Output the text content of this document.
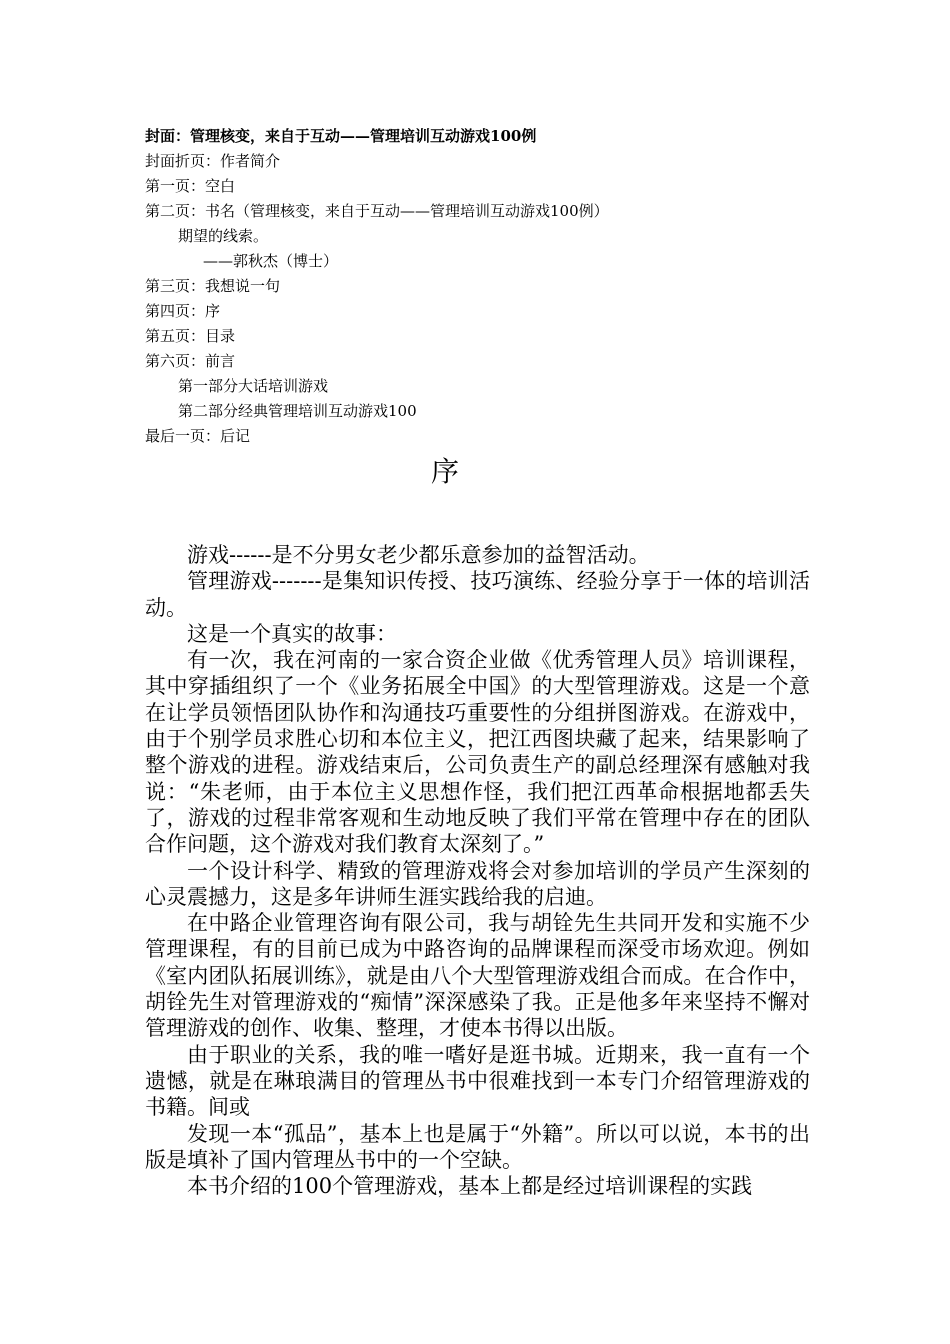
封面：管理核变，来自于互动——管理培训互动游戏100例
封面折页：作者简介
第一页：空白
第二页：书名（管理核变，来自于互动——管理培训互动游戏100例）
期望的线索。
——郭秋杰（博士）
第三页：我想说一句
第四页：序
第五页：目录
第六页：前言
第一部分大话培训游戏
第二部分经典管理培训互动游戏100
最后一页：后记
序

游戏------是不分男女老少都乐意参加的益智活动。

管理游戏-------是集知识传授、技巧演练、经验分享于一体的培训活动。

这是一个真实的故事：

有一次，我在河南的一家合资企业做《优秀管理人员》培训课程，其中穿插组织了一个《业务拓展全中国》的大型管理游戏。这是一个意在让学员领悟团队协作和沟通技巧重要性的分组拼图游戏。在游戏中，由于个别学员求胜心切和本位主义，把江西图块藏了起来，结果影响了整个游戏的进程。游戏结束后，公司负责生产的副总经理深有感触对我说：“朱老师，由于本位主义思想作怪，我们把江西革命根据地都丢失了，游戏的过程非常客观和生动地反映了我们平常在管理中存在的团队合作问题，这个游戏对我们教育太深刻了。”

一个设计科学、精致的管理游戏将会对参加培训的学员产生深刻的心灵震撼力，这是多年讲师生涯实践给我的启迪。

在中路企业管理咨询有限公司，我与胡铨先生共同开发和实施不少管理课程，有的目前已成为中路咨询的品牌课程而深受市场欢迎。例如《室内团队拓展训练》，就是由八个大型管理游戏组合而成。在合作中，胡铨先生对管理游戏的“痴情”深深感染了我。正是他多年来坚持不懈对管理游戏的创作、收集、整理，才使本书得以出版。

由于职业的关系，我的唯一嗜好是逛书城。近期来，我一直有一个遗憾，就是在琳琅满目的管理丛书中很难找到一本专门介绍管理游戏的书籍。间或

发现一本“孤品”，基本上也是属于“外籍”。所以可以说，本书的出版是填补了国内管理丛书中的一个空缺。

本书介绍的100个管理游戏，基本上都是经过培训课程的实践
